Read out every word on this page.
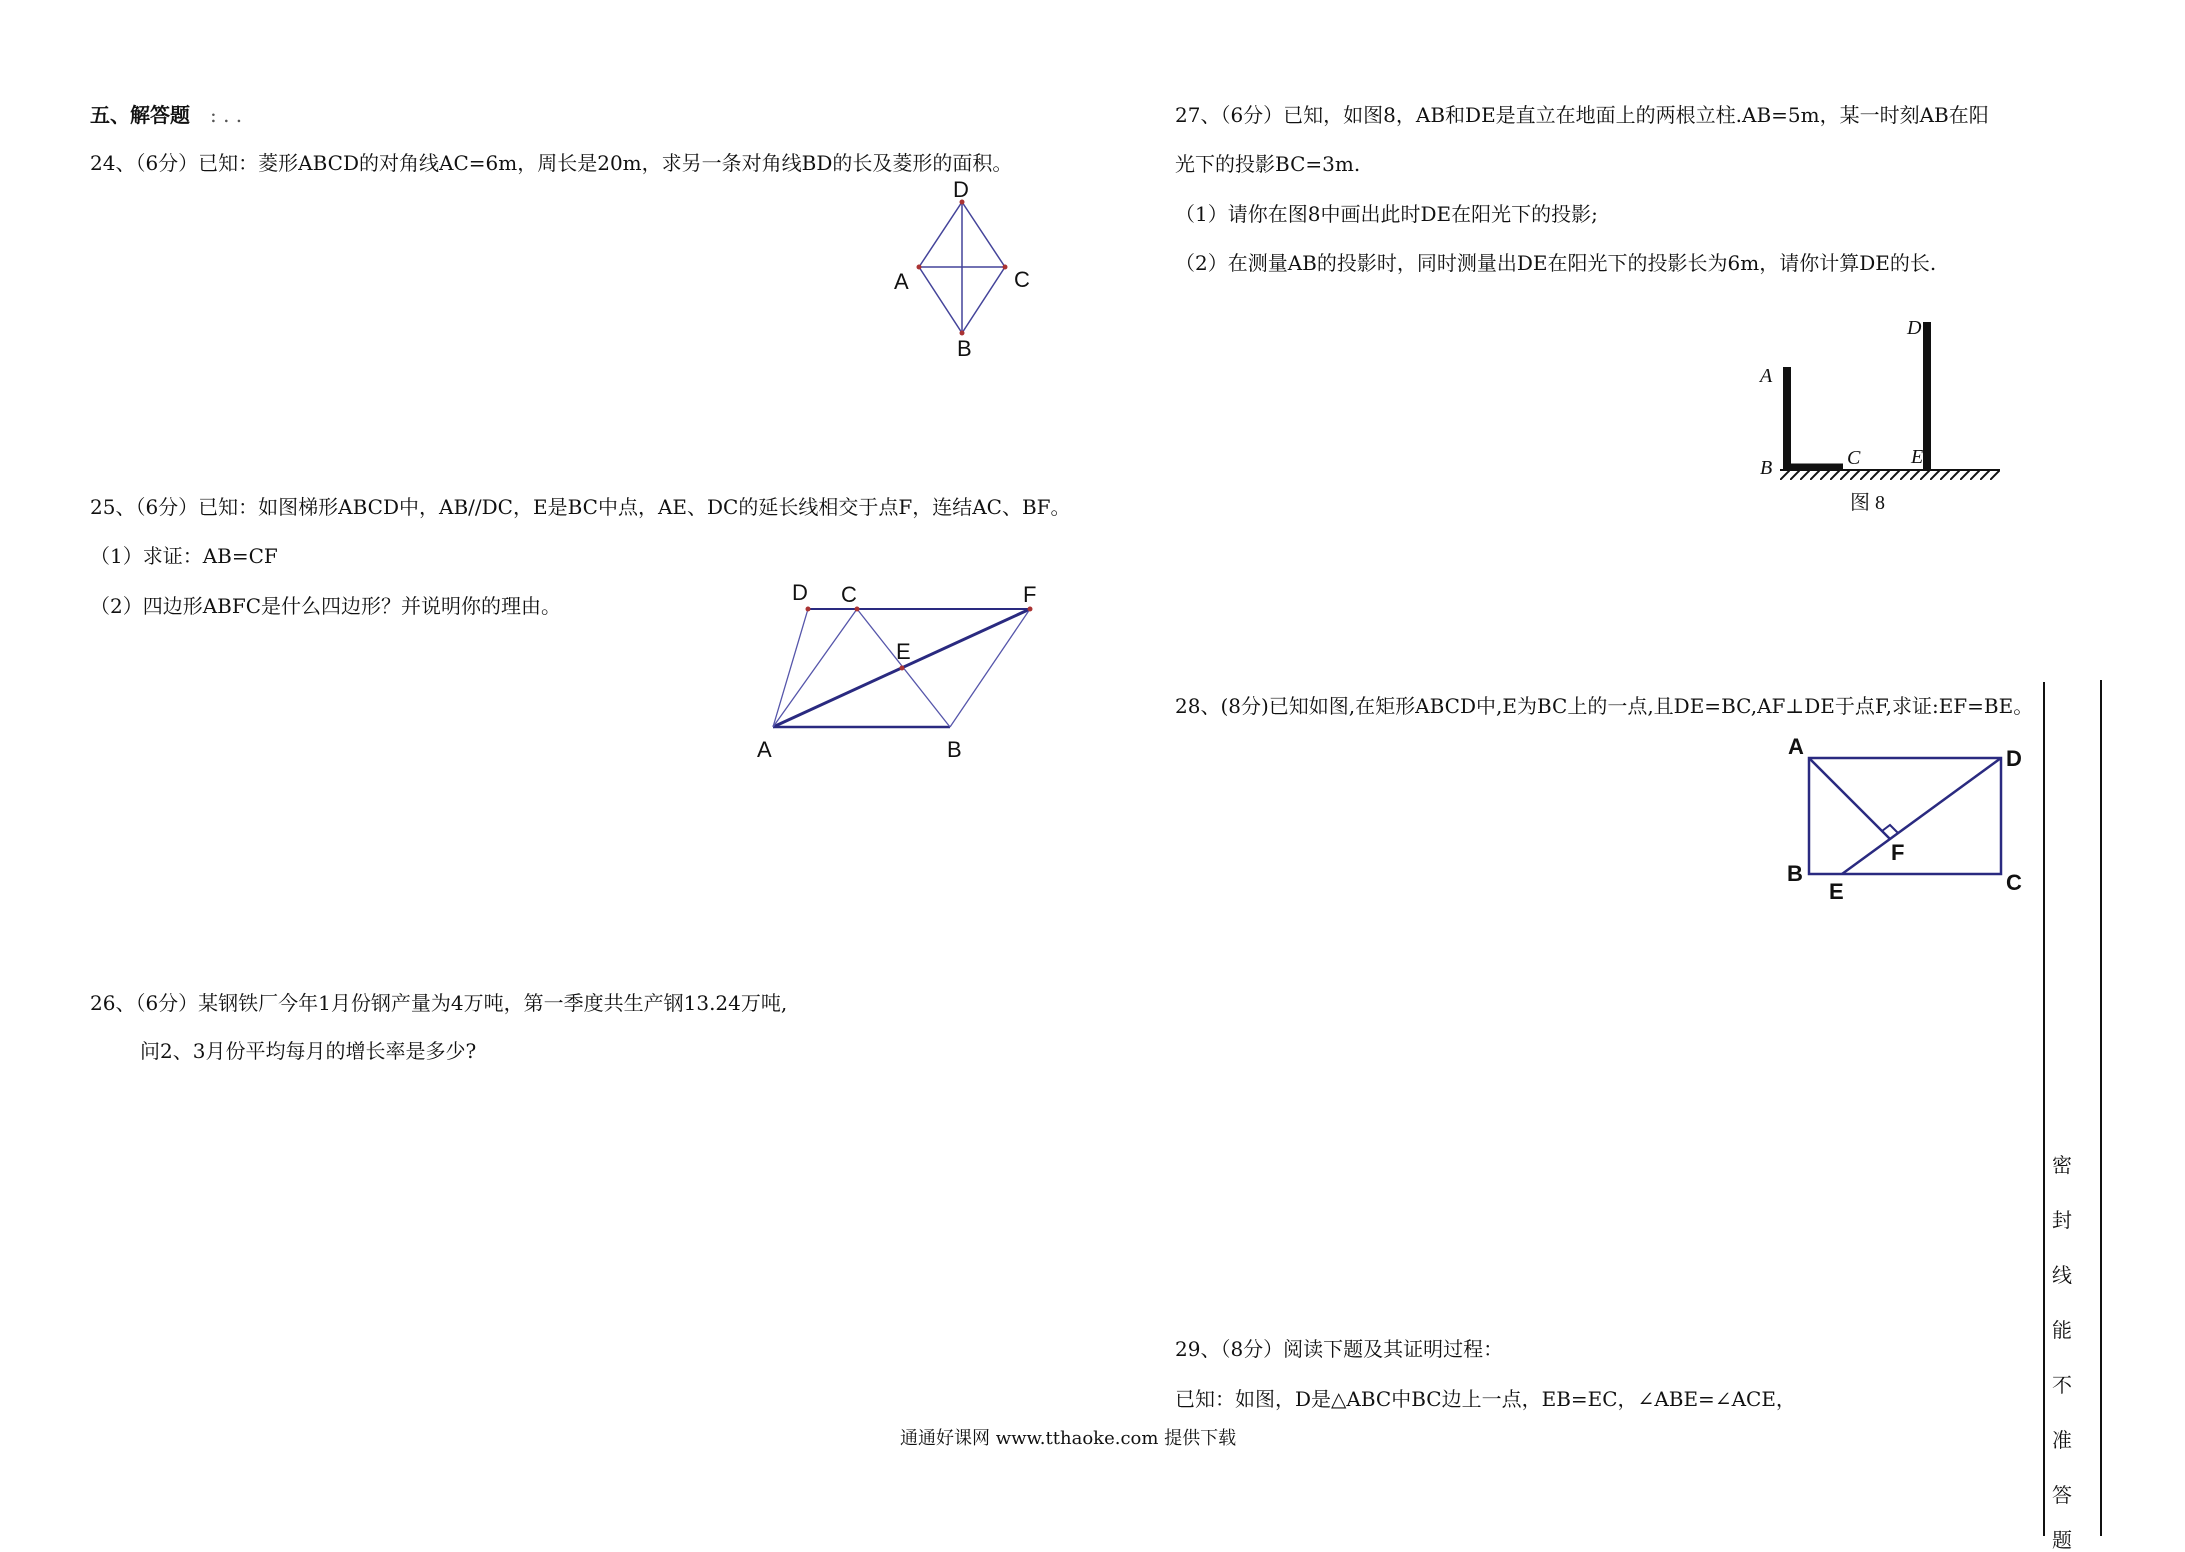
五、解答题 : . .
24、（6分）已知：菱形ABCD的对角线AC=6m，周长是20m，求另一条对角线BD的长及菱形的面积。
D
C
B
A
25、（6分）已知：如图梯形ABCD中，AB//DC，E是BC中点，AE、DC的延长线相交于点F，连结AC、BF。
（1）求证：AB=CF
（2）四边形ABFC是什么四边形？并说明你的理由。
D C	F
E
A	B
26、（6分）某钢铁厂今年1月份钢产量为4万吨，第一季度共生产钢13.24万吨,
问2、3月份平均每月的增长率是多少?
27、（6分）已知，如图8，AB和DE是直立在地面上的两根立柱.AB=5m，某一时刻AB在阳
光下的投影BC=3m.
（1）请你在图8中画出此时DE在阳光下的投影;
（2）在测量AB的投影时，同时测量出DE在阳光下的投影长为6m，请你计算DE的长.
A
B	C
D
E
图 8
28、(8分)已知如图,在矩形ABCD中,E为BC上的一点,且DE=BC,AF⊥DE于点F,求证:EF=BE。
A	D
B	C
E
F
29、（8分）阅读下题及其证明过程：
已知：如图，D是△ABC中BC边上一点，EB=EC，∠ABE=∠ACE，
通通好课网 www.tthaoke.com 提供下载
密
封
线
能
不
准
答
题
